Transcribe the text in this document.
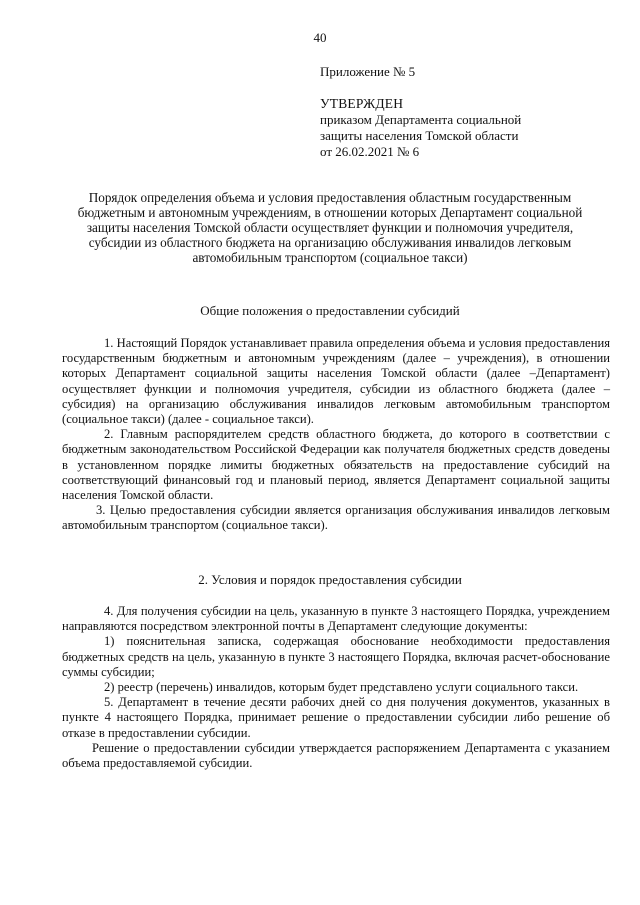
40
Приложение № 5
УТВЕРЖДЕН
приказом Департамента социальной
защиты населения Томской области
от 26.02.2021 № 6
Порядок определения объема и условия предоставления областным государственным бюджетным и автономным учреждениям, в отношении которых Департамент социальной защиты населения Томской области осуществляет функции и полномочия учредителя, субсидии из областного бюджета на организацию обслуживания инвалидов легковым автомобильным транспортом (социальное такси)
Общие положения о предоставлении субсидий

1. Настоящий Порядок устанавливает правила определения объема и условия предоставления государственным бюджетным и автономным учреждениям (далее – учреждения), в отношении которых Департамент социальной защиты населения Томской области (далее –Департамент) осуществляет функции и полномочия учредителя, субсидии из областного бюджета (далее – субсидия) на организацию обслуживания инвалидов легковым автомобильным транспортом (социальное такси) (далее - социальное такси).

2. Главным распорядителем средств областного бюджета, до которого в соответствии с бюджетным законодательством Российской Федерации как получателя бюджетных средств доведены в установленном порядке лимиты бюджетных обязательств на предоставление субсидий на соответствующий финансовый год и плановый период, является Департамент социальной защиты населения Томской области.

3. Целью предоставления субсидии является организация обслуживания инвалидов легковым автомобильным транспортом (социальное такси).

2. Условия и порядок предоставления субсидии

4. Для получения субсидии на цель, указанную в пункте 3 настоящего Порядка, учреждением направляются посредством электронной почты в Департамент следующие документы:

1) пояснительная записка, содержащая обоснование необходимости предоставления бюджетных средств на цель, указанную в пункте 3 настоящего Порядка, включая расчет-обоснование суммы субсидии;

2) реестр (перечень) инвалидов, которым будет представлено услуги социального такси.

5. Департамент в течение десяти рабочих дней со дня получения документов, указанных в пункте 4 настоящего Порядка, принимает решение о предоставлении субсидии либо решение об отказе в предоставлении субсидии.

Решение о предоставлении субсидии утверждается распоряжением Департамента с указанием объема предоставляемой субсидии.
